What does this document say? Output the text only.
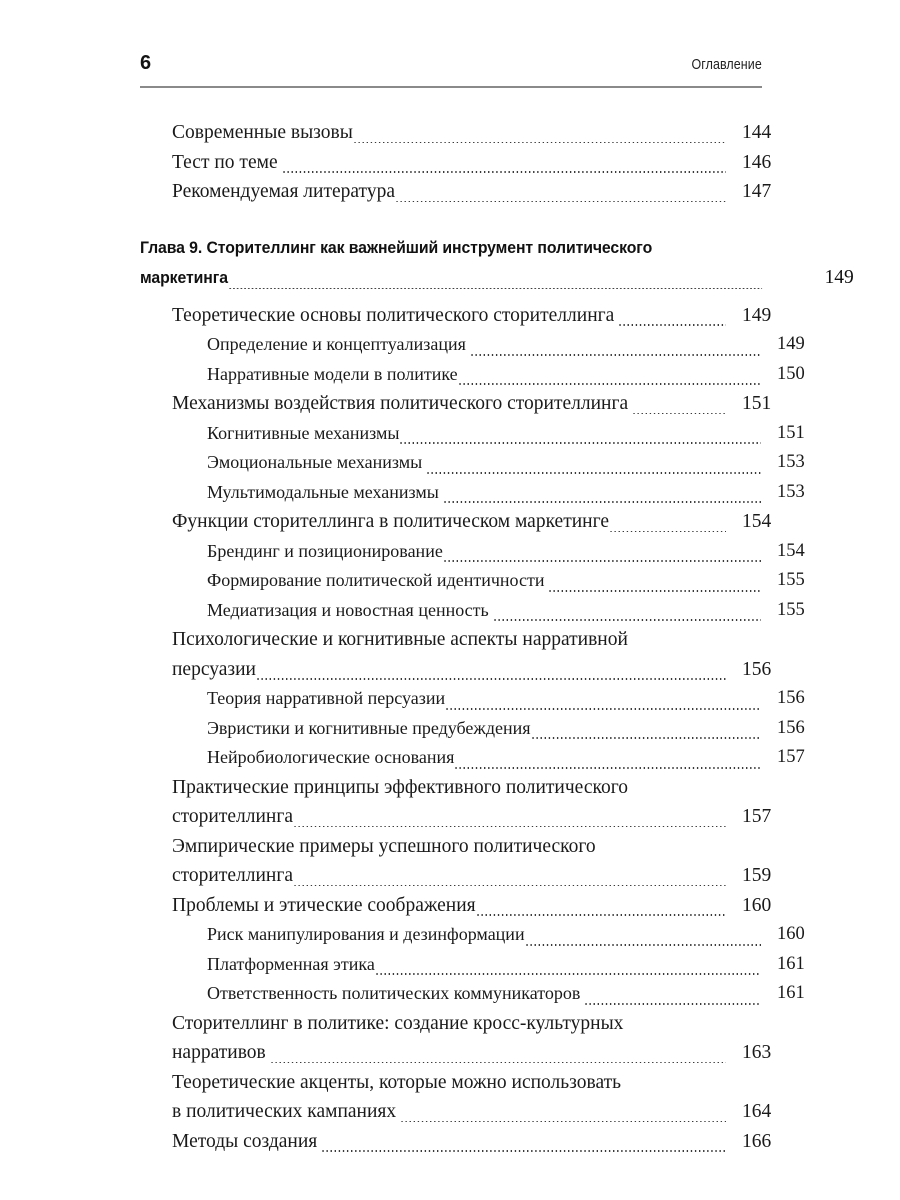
6	Оглавление
Современные вызовы	144
Тест по теме	146
Рекомендуемая литература	147
Глава 9. Сторителлинг как важнейший инструмент политического
маркетинга	149
Теоретические основы политического сторителлинга	149
Определение и концептуализация	149
Нарративные модели в политике	150
Механизмы воздействия политического сторителлинга	151
Когнитивные механизмы	151
Эмоциональные механизмы	153
Мультимодальные механизмы	153
Функции сторителлинга в политическом маркетинге	154
Брендинг и позиционирование	154
Формирование политической идентичности	155
Медиатизация и новостная ценность	155
Психологические и когнитивные аспекты нарративной
персуазии	156
Теория нарративной персуазии	156
Эвристики и когнитивные предубеждения	156
Нейробиологические основания	157
Практические принципы эффективного политического
сторителлинга	157
Эмпирические примеры успешного политического
сторителлинга	159
Проблемы и этические соображения	160
Риск манипулирования и дезинформации	160
Платформенная этика	161
Ответственность политических коммуникаторов	161
Сторителлинг в политике: создание кросс-культурных
нарративов	163
Теоретические акценты, которые можно использовать
в политических кампаниях	164
Методы создания	166
